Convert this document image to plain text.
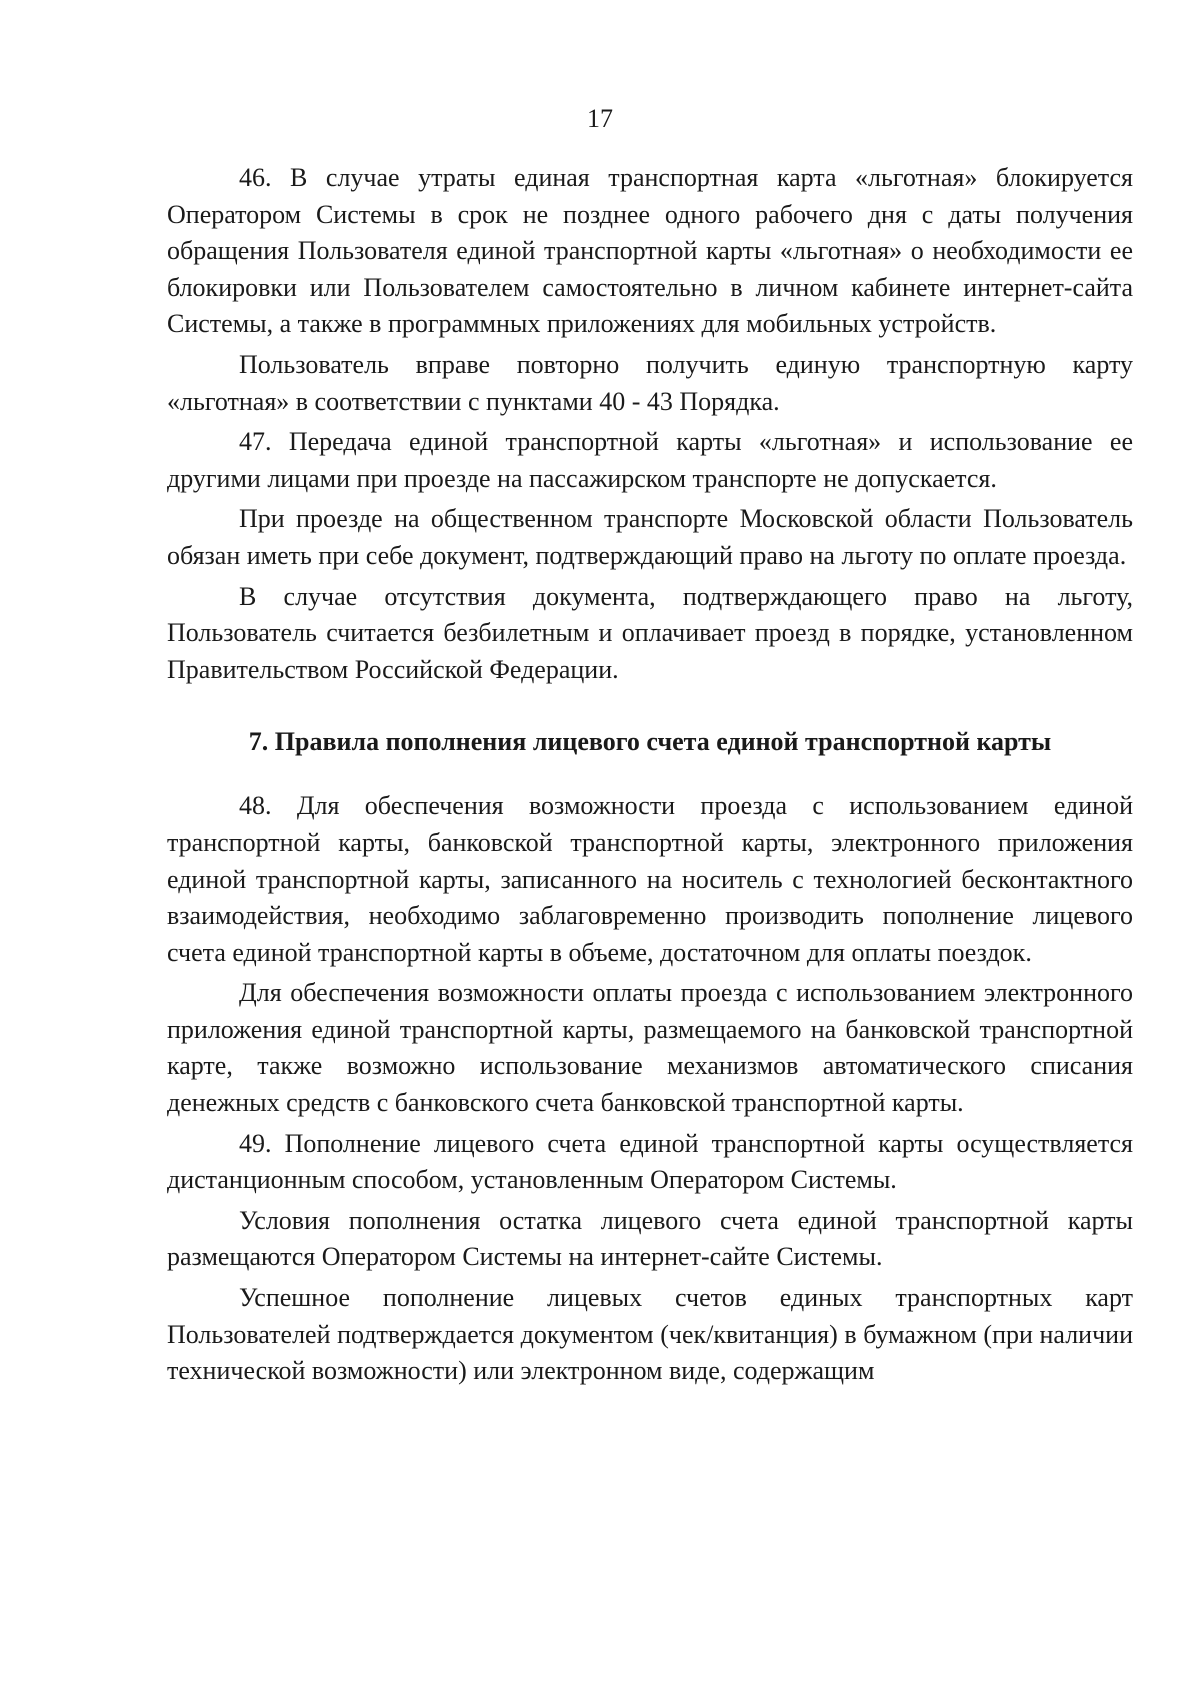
17

46. В случае утраты единая транспортная карта «льготная» блокируется Оператором Системы в срок не позднее одного рабочего дня с даты получения обращения Пользователя единой транспортной карты «льготная» о необходимости ее блокировки или Пользователем самостоятельно в личном кабинете интернет-сайта Системы, а также в программных приложениях для мобильных устройств.

Пользователь вправе повторно получить единую транспортную карту «льготная» в соответствии с пунктами 40 - 43 Порядка.

47. Передача единой транспортной карты «льготная» и использование ее другими лицами при проезде на пассажирском транспорте не допускается.

При проезде на общественном транспорте Московской области Пользователь обязан иметь при себе документ, подтверждающий право на льготу по оплате проезда.

В случае отсутствия документа, подтверждающего право на льготу, Пользователь считается безбилетным и оплачивает проезд в порядке, установленном Правительством Российской Федерации.

7. Правила пополнения лицевого счета единой транспортной карты

48. Для обеспечения возможности проезда с использованием единой транспортной карты, банковской транспортной карты, электронного приложения единой транспортной карты, записанного на носитель с технологией бесконтактного взаимодействия, необходимо заблаговременно производить пополнение лицевого счета единой транспортной карты в объеме, достаточном для оплаты поездок.

Для обеспечения возможности оплаты проезда с использованием электронного приложения единой транспортной карты, размещаемого на банковской транспортной карте, также возможно использование механизмов автоматического списания денежных средств с банковского счета банковской транспортной карты.

49. Пополнение лицевого счета единой транспортной карты осуществляется дистанционным способом, установленным Оператором Системы.

Условия пополнения остатка лицевого счета единой транспортной карты размещаются Оператором Системы на интернет-сайте Системы.

Успешное пополнение лицевых счетов единых транспортных карт Пользователей подтверждается документом (чек/квитанция) в бумажном (при наличии технической возможности) или электронном виде, содержащим
